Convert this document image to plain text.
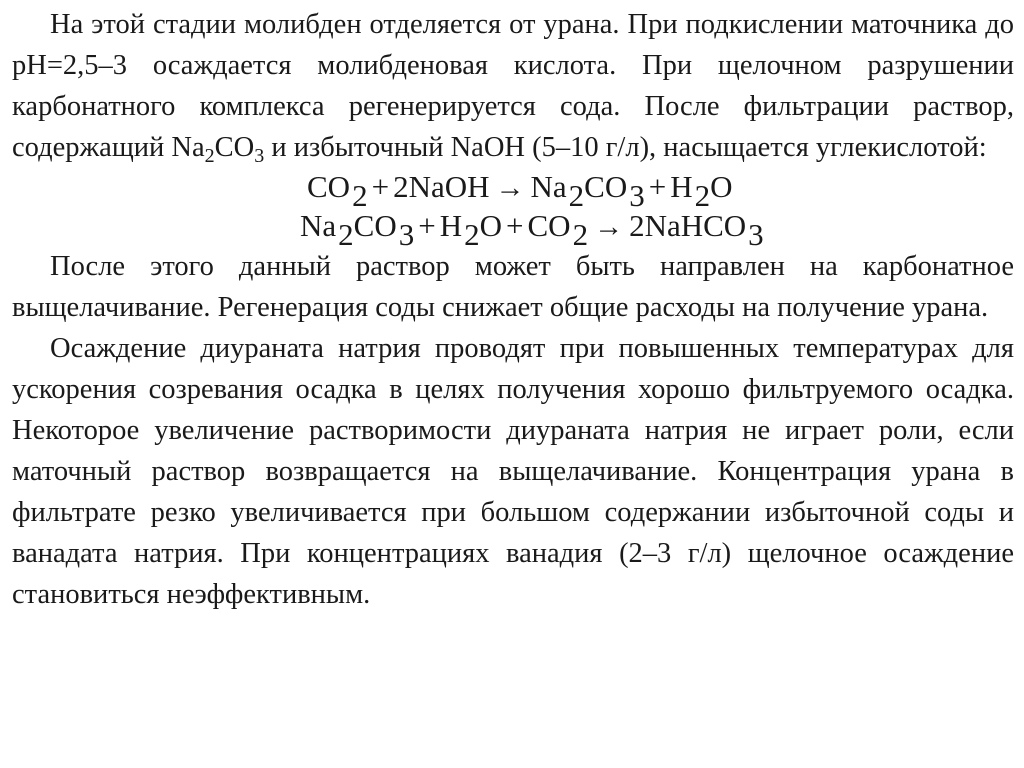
На этой стадии молибден отделяется от урана. При подкислении маточника до рН=2,5–3 осаждается молибденовая кислота. При щелочном разрушении карбонатного комплекса регенерируется сода. После фильтрации раствор, содержащий $Na_2CO_3$ и избыточный NaOH (5–10 г/л), насыщается углекислотой:

$CO_2$ + 2NaOH → $Na_2CO_3 + H_2O$
$Na_2CO_3 + H_2O + CO_2$ → 2NaHCO$_3$

После этого данный раствор может быть направлен на карбонатное выщелачивание. Регенерация соды снижает общие расходы на получение урана.

Осаждение диураната натрия проводят при повышенных температурах для ускорения созревания осадка в целях получения хорошо фильтруемого осадка. Некоторое увеличение растворимости диураната натрия не играет роли, если маточный раствор возвращается на выщелачивание. Концентрация урана в фильтрате резко увеличивается при большом содержании избыточной соды и ванадата натрия. При концентрациях ванадия (2–3 г/л) щелочное осаждение становиться неэффективным.
